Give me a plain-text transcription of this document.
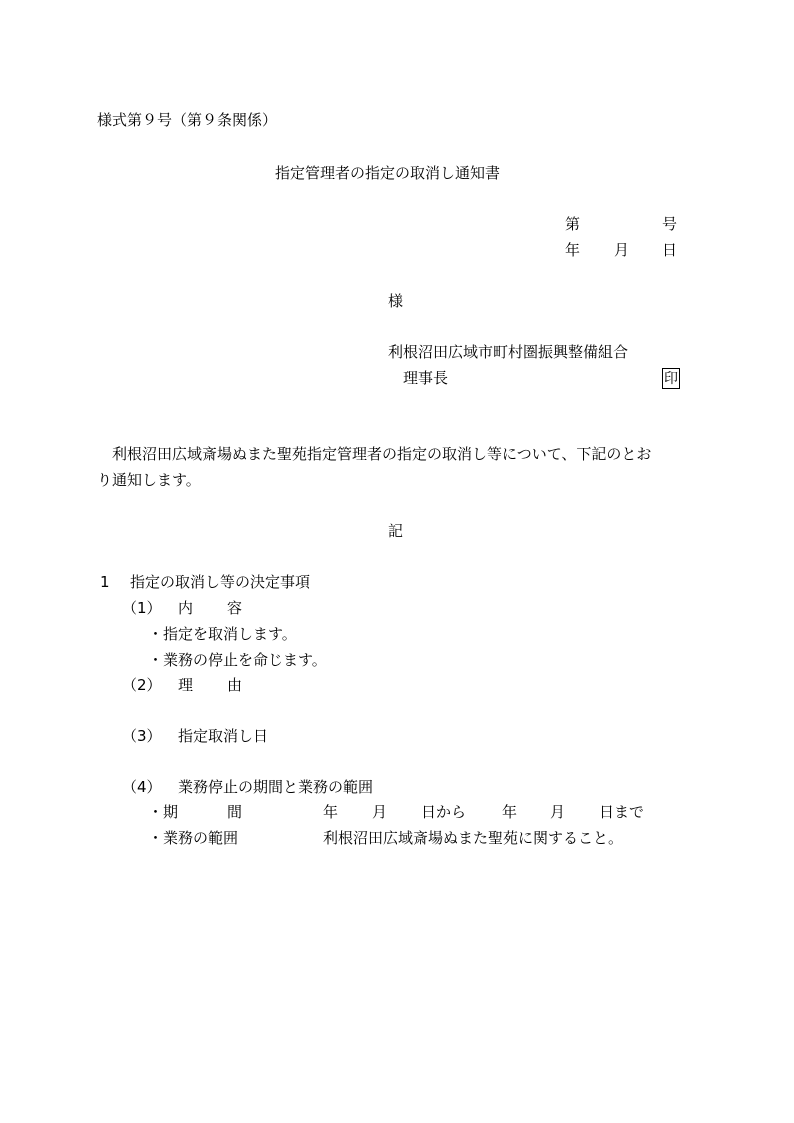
様式第９号（第９条関係）
指定管理者の指定の取消し通知書
第	号
年 月 日
様
利根沼田広域市町村圏振興整備組合
理事長	印
利根沼田広域斎場ぬまた聖苑指定管理者の指定の取消し等について、下記のとお
り通知します。
記
1 指定の取消し等の決定事項
（1） 内 容
・指定を取消します。
・業務の停止を命じます。
（2） 理 由
（3） 指定取消し日
（4） 業務停止の期間と業務の範囲
・期	間	年 月 日から 年 月 日まで
・業務の範囲	利根沼田広域斎場ぬまた聖苑に関すること。
